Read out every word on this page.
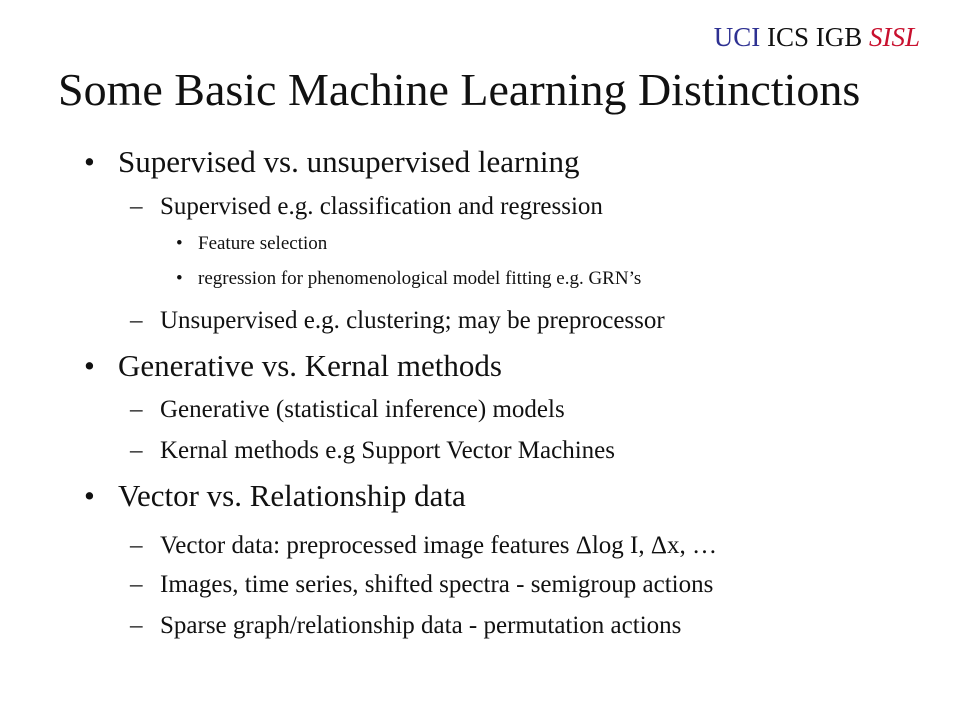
UCI ICS IGB SISL
Some Basic Machine Learning Distinctions
• Supervised vs. unsupervised learning
– Supervised e.g. classification and regression
• Feature selection
• regression for phenomenological model fitting e.g. GRN’s
– Unsupervised e.g. clustering; may be preprocessor
• Generative vs. Kernal methods
– Generative (statistical inference) models
– Kernal methods e.g Support Vector Machines
• Vector vs. Relationship data
– Vector data: preprocessed image features Δlog I, Δx, …
– Images, time series, shifted spectra - semigroup actions
– Sparse graph/relationship data - permutation actions
